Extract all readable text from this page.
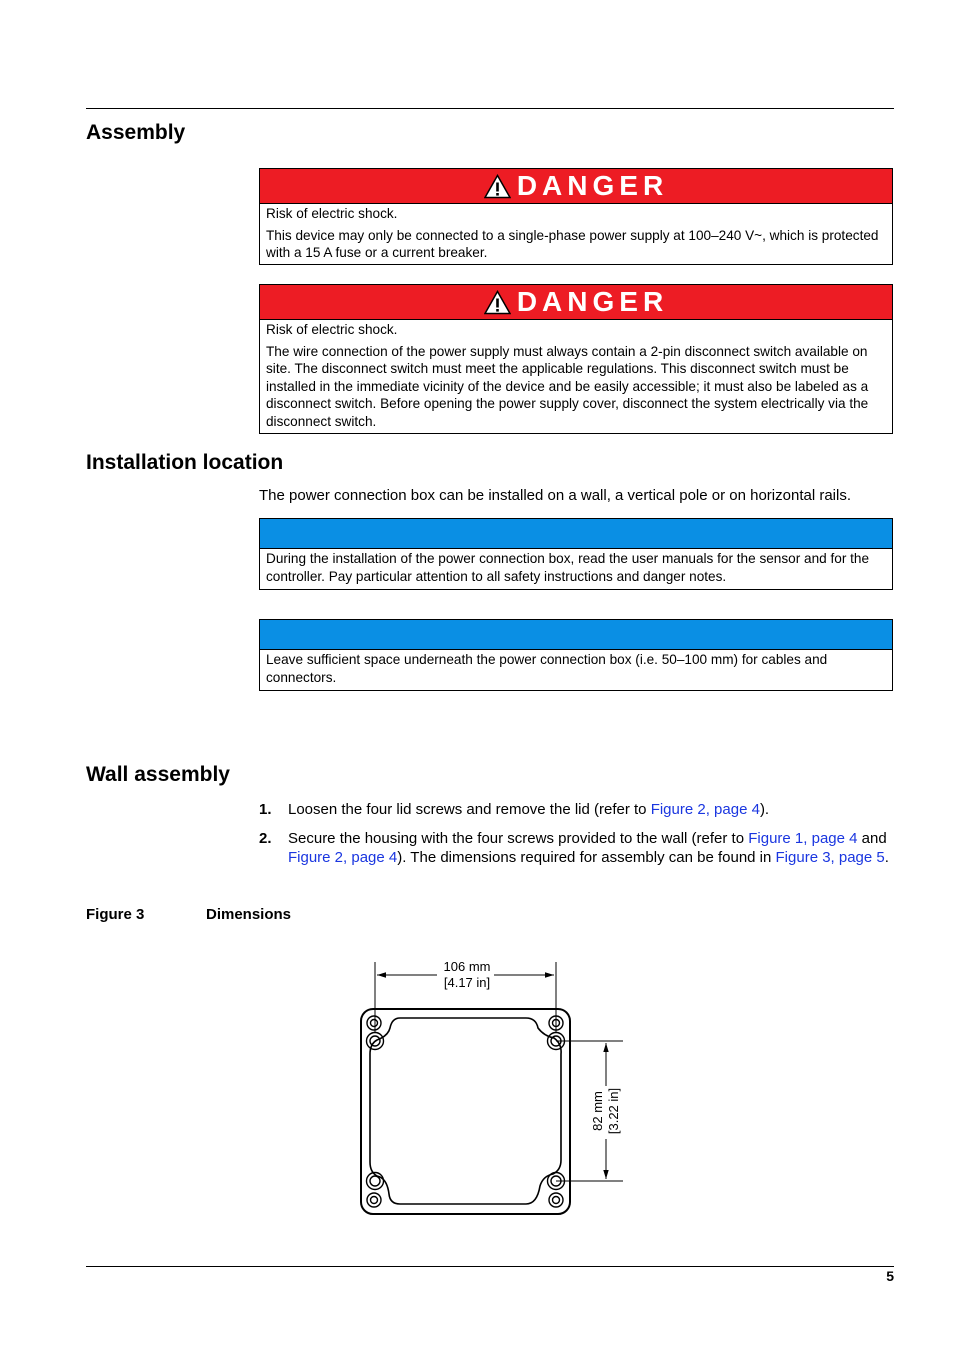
Assembly
DANGER

Risk of electric shock.

This device may only be connected to a single-phase power supply at 100–240 V~, which is protected with a 15 A fuse or a current breaker.

DANGER

Risk of electric shock.

The wire connection of the power supply must always contain a 2-pin disconnect switch available on site. The disconnect switch must meet the applicable regulations. This disconnect switch must be installed in the immediate vicinity of the device and be easily accessible; it must also be labeled as a disconnect switch. Before opening the power supply cover, disconnect the system electrically via the disconnect switch.

Installation location

The power connection box can be installed on a wall, a vertical pole or on horizontal rails.

During the installation of the power connection box, read the user manuals for the sensor and for the controller. Pay particular attention to all safety instructions and danger notes.

Leave sufficient space underneath the power connection box (i.e. 50–100 mm) for cables and connectors.

Wall assembly
1. Loosen the four lid screws and remove the lid (refer to Figure 2, page 4).
2. Secure the housing with the four screws provided to the wall (refer to Figure 1, page 4 and Figure 2, page 4). The dimensions required for assembly can be found in Figure 3, page 5.
Figure 3	Dimensions
106 mm
[4.17 in]
82 mm [3.22 in]
5
